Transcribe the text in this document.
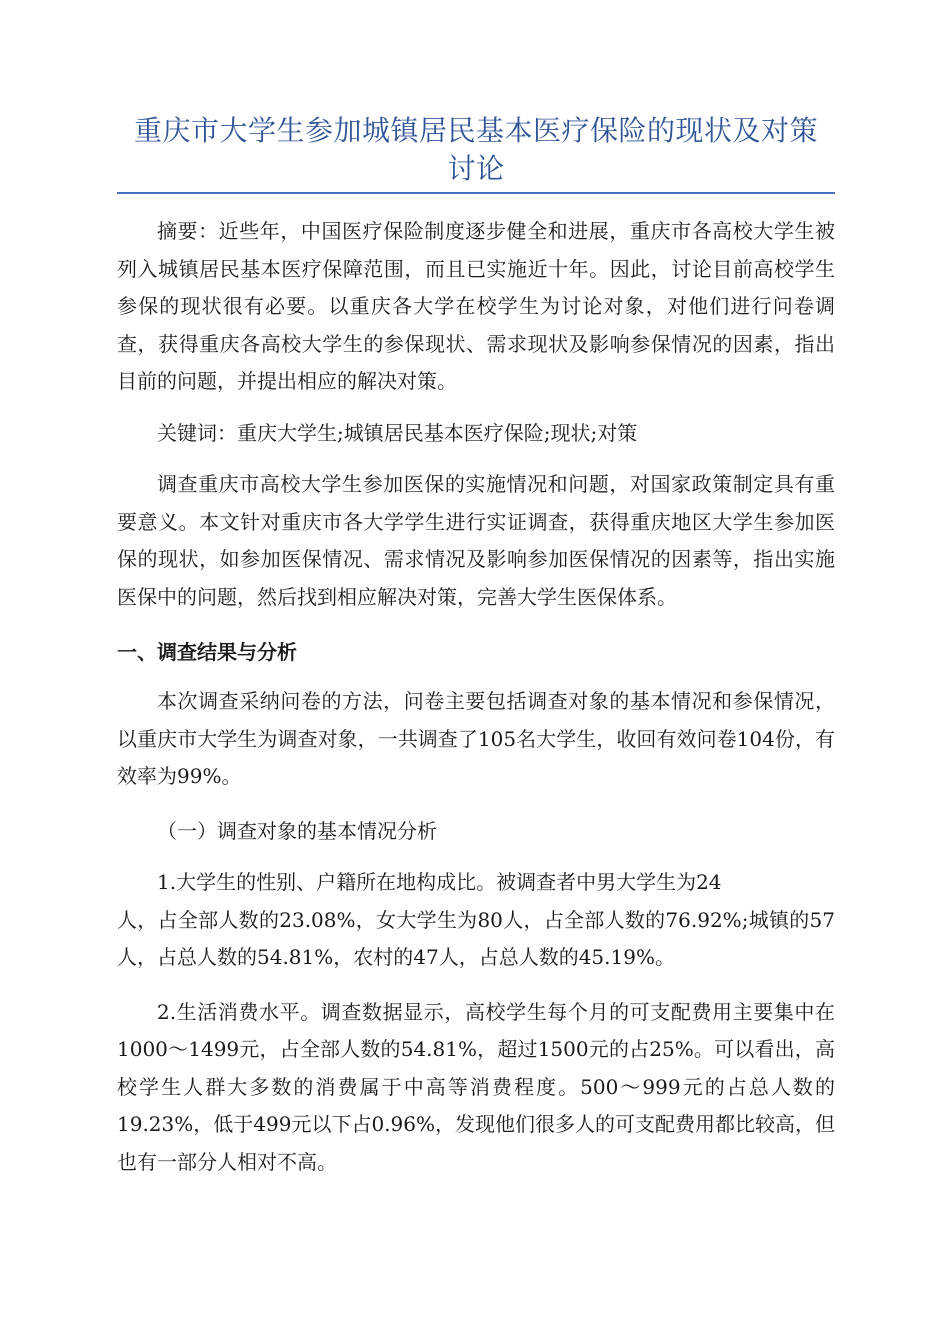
重庆市大学生参加城镇居民基本医疗保险的现状及对策
讨论

摘要：近些年，中国医疗保险制度逐步健全和进展，重庆市各高校大学生被列入城镇居民基本医疗保障范围，而且已实施近十年。因此，讨论目前高校学生参保的现状很有必要。以重庆各大学在校学生为讨论对象，对他们进行问卷调查，获得重庆各高校大学生的参保现状、需求现状及影响参保情况的因素，指出目前的问题，并提出相应的解决对策。

关键词：重庆大学生;城镇居民基本医疗保险;现状;对策

调查重庆市高校大学生参加医保的实施情况和问题，对国家政策制定具有重要意义。本文针对重庆市各大学学生进行实证调查，获得重庆地区大学生参加医保的现状，如参加医保情况、需求情况及影响参加医保情况的因素等，指出实施医保中的问题，然后找到相应解决对策，完善大学生医保体系。

一、调查结果与分析

本次调查采纳问卷的方法，问卷主要包括调查对象的基本情况和参保情况，以重庆市大学生为调查对象，一共调查了105名大学生，收回有效问卷104份，有效率为99%。

（一）调查对象的基本情况分析

1.大学生的性别、户籍所在地构成比。被调查者中男大学生为24

人，占全部人数的23.08%，女大学生为80人，占全部人数的76.92%;城镇的57人，占总人数的54.81%，农村的47人，占总人数的45.19%。

2.生活消费水平。调查数据显示，高校学生每个月的可支配费用主要集中在1000～1499元，占全部人数的54.81%，超过1500元的占25%。可以看出，高校学生人群大多数的消费属于中高等消费程度。500～999元的占总人数的19.23%，低于499元以下占0.96%，发现他们很多人的可支配费用都比较高，但也有一部分人相对不高。
